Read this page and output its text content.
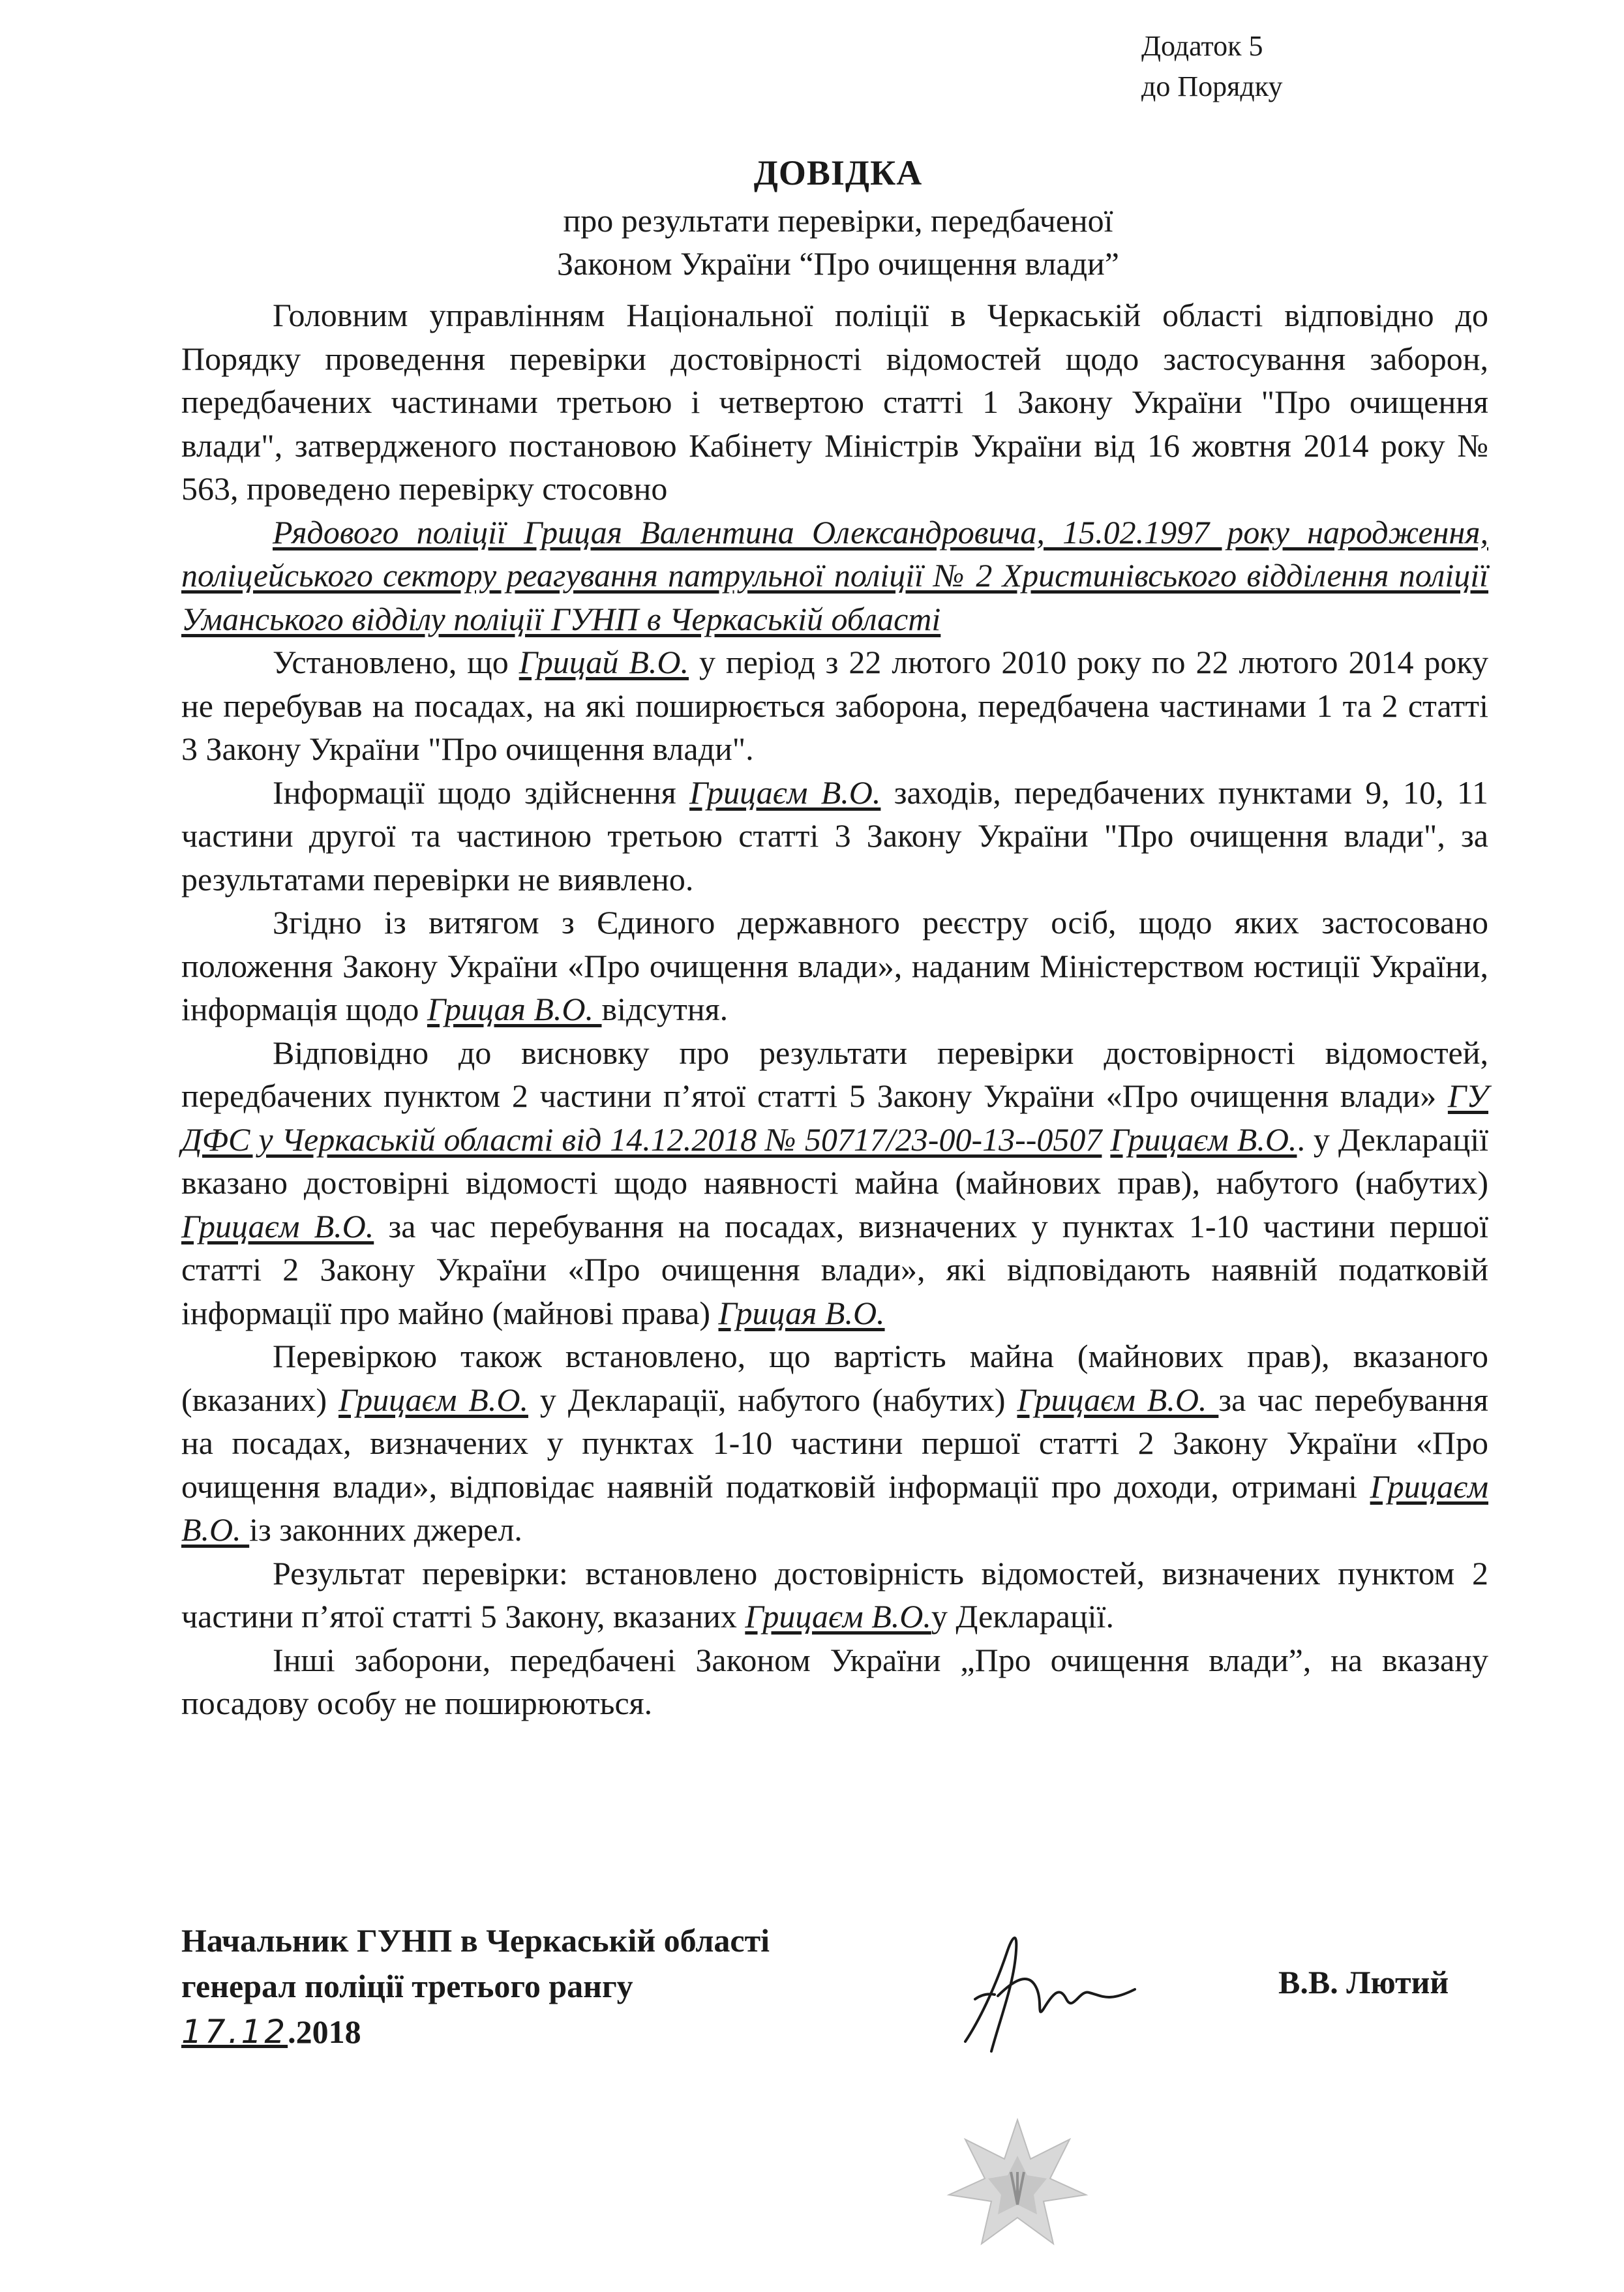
Додаток 5
до Порядку
ДОВІДКА
про результати перевірки, передбаченої
Законом України “Про очищення влади”

Головним управлінням Національної поліції в Черкаській області відповідно до Порядку проведення перевірки достовірності відомостей щодо застосування заборон, передбачених частинами третьою і четвертою статті 1 Закону України "Про очищення влади", затвердженого постановою Кабінету Міністрів України від 16 жовтня 2014 року № 563, проведено перевірку стосовно

Рядового поліції Грицая Валентина Олександровича, 15.02.1997 року народження, поліцейського сектору реагування патрульної поліції № 2 Христинівського відділення поліції Уманського відділу поліції ГУНП в Черкаській області

Установлено, що Грицай В.О. у період з 22 лютого 2010 року по 22 лютого 2014 року не перебував на посадах, на які поширюється заборона, передбачена частинами 1 та 2 статті 3 Закону України "Про очищення влади".

Інформації щодо здійснення Грицаєм В.О. заходів, передбачених пунктами 9, 10, 11 частини другої та частиною третьою статті 3 Закону України "Про очищення влади", за результатами перевірки не виявлено.

Згідно із витягом з Єдиного державного реєстру осіб, щодо яких застосовано положення Закону України «Про очищення влади», наданим Міністерством юстиції України, інформація щодо Грицая В.О. відсутня.

Відповідно до висновку про результати перевірки достовірності відомостей, передбачених пунктом 2 частини п’ятої статті 5 Закону України «Про очищення влади» ГУ ДФС у Черкаській області від 14.12.2018 № 50717/23-00-13--0507 Грицаєм В.О.. у Декларації вказано достовірні відомості щодо наявності майна (майнових прав), набутого (набутих) Грицаєм В.О. за час перебування на посадах, визначених у пунктах 1-10 частини першої статті 2 Закону України «Про очищення влади», які відповідають наявній податковій інформації про майно (майнові права) Грицая В.О.

Перевіркою також встановлено, що вартість майна (майнових прав), вказаного (вказаних) Грицаєм В.О. у Декларації, набутого (набутих) Грицаєм В.О. за час перебування на посадах, визначених у пунктах 1-10 частини першої статті 2 Закону України «Про очищення влади», відповідає наявній податковій інформації про доходи, отримані Грицаєм В.О. із законних джерел.

Результат перевірки: встановлено достовірність відомостей, визначених пунктом 2 частини п’ятої статті 5 Закону, вказаних Грицаєм В.О.у Декларації.

Інші заборони, передбачені Законом України „Про очищення влади”, на вказану посадову особу не поширюються.

Начальник ГУНП в Черкаській області
генерал поліції третього рангу
17.12.2018
В.В. Лютий
